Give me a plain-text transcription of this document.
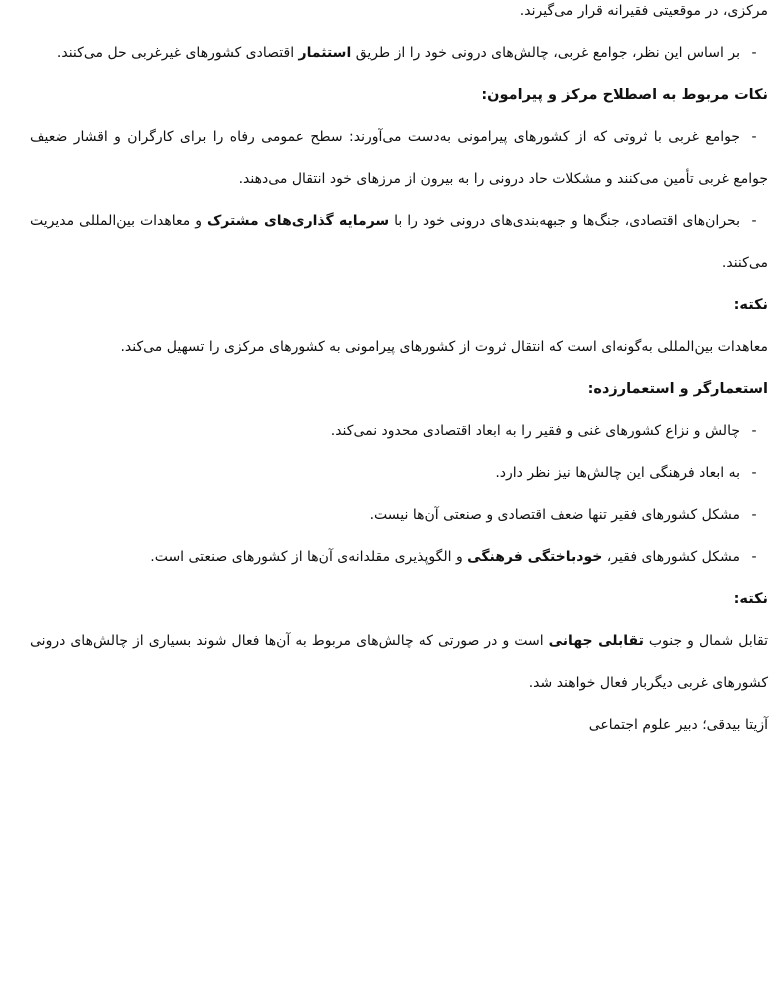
مرکزی، در موقعیتی فقیرانه قرار می‌گیرند.

-بر اساس این نظر، جوامع غربی، چالش‌های درونی خود را از طریق استثمار اقتصادی کشورهای غیرغربی حل می‌کنند.

نکات مربوط به اصطلاح مرکز و پیرامون:

-جوامع غربی با ثروتی که از کشورهای پیرامونی به‌دست می‌آورند: سطح عمومی رفاه را برای کارگران و اقشار ضعیف جوامع غربی تأمین می‌کنند و مشکلات حاد درونی را به بیرون از مرزهای خود انتقال می‌دهند.

-بحران‌های اقتصادی، جنگ‌ها و جبهه‌بندی‌های درونی خود را با سرمایه گذاری‌های مشترک و معاهدات بین‌المللی مدیریت می‌کنند.

نکته:

معاهدات بین‌المللی به‌گونه‌ای است که انتقال ثروت از کشورهای پیرامونی به کشورهای مرکزی را تسهیل می‌کند.

استعمارگر و استعمارزده:

-چالش و نزاع کشورهای غنی و فقیر را به ابعاد اقتصادی محدود نمی‌کند.

-به ابعاد فرهنگی این چالش‌ها نیز نظر دارد.

-مشکل کشورهای فقیر تنها ضعف اقتصادی و صنعتی آن‌ها نیست.

-مشکل کشورهای فقیر، خودباختگی فرهنگی و الگوپذیری مقلدانه‌ی آن‌ها از کشورهای صنعتی است.

نکته:

تقابل شمال و جنوب تقابلی جهانی است و در صورتی که چالش‌های مربوط به آن‌ها فعال شوند بسیاری از چالش‌های درونی کشورهای غربی دیگربار فعال خواهند شد.

آزیتا بیدقی؛ دبیر علوم اجتماعی
